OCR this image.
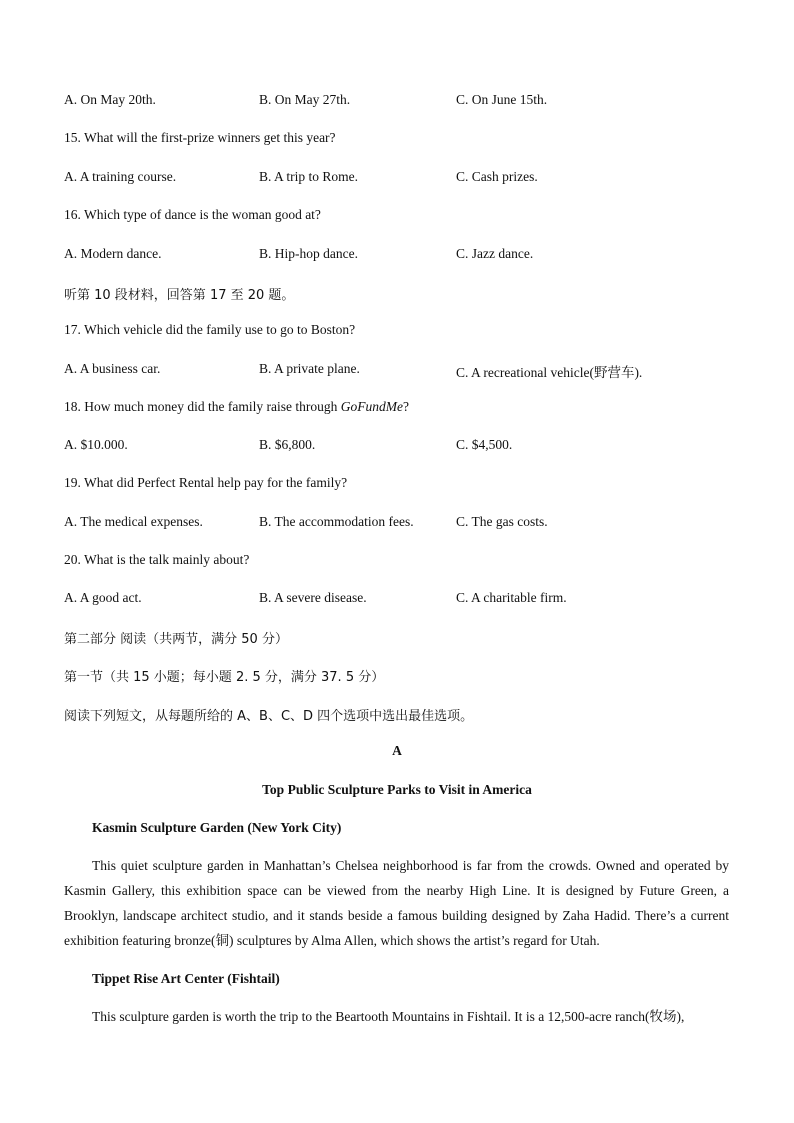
A. On May 20th.	B. On May 27th.	C. On June 15th.
15. What will the first-prize winners get this year?
A. A training course.	B. A trip to Rome.	C. Cash prizes.
16. Which type of dance is the woman good at?
A. Modern dance.	B. Hip-hop dance.	C. Jazz dance.
听第 10 段材料，回答第 17 至 20 题。
17. Which vehicle did the family use to go to Boston?
A. A business car.	B. A private plane.	C. A recreational vehicle(野营车).
18. How much money did the family raise through GoFundMe?
A. $10.000.	B. $6,800.	C. $4,500.
19. What did Perfect Rental help pay for the family?
A. The medical expenses.	B. The accommodation fees.	C. The gas costs.
20. What is the talk mainly about?
A. A good act.	B. A severe disease.	C. A charitable firm.
第二部分 阅读（共两节，满分 50 分）
第一节（共 15 小题；每小题 2. 5 分，满分 37. 5 分）
阅读下列短文，从每题所给的 A、B、C、D 四个选项中选出最佳选项。
A
Top Public Sculpture Parks to Visit in America
Kasmin Sculpture Garden (New York City)
This quiet sculpture garden in Manhattan’s Chelsea neighborhood is far from the crowds. Owned and operated by Kasmin Gallery, this exhibition space can be viewed from the nearby High Line. It is designed by Future Green, a Brooklyn, landscape architect studio, and it stands beside a famous building designed by Zaha Hadid. There’s a current exhibition featuring bronze(铜) sculptures by Alma Allen, which shows the artist’s regard for Utah.
Tippet Rise Art Center (Fishtail)
This sculpture garden is worth the trip to the Beartooth Mountains in Fishtail. It is a 12,500-acre ranch(牧场),
